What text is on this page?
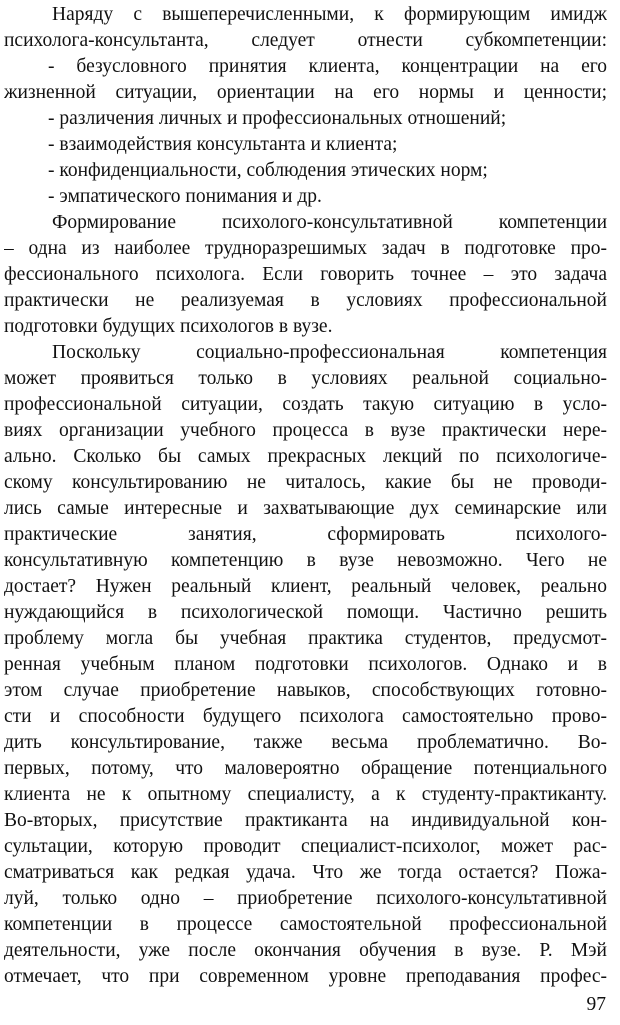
Наряду с вышеперечисленными, к формирующим имидж
психолога-консультанта, следует отнести субкомпетенции:
- безусловного принятия клиента, концентрации на его
жизненной ситуации, ориентации на его нормы и ценности;
- различения личных и профессиональных отношений;
- взаимодействия консультанта и клиента;
- конфиденциальности, соблюдения этических норм;
- эмпатического понимания и др.
Формирование психолого-консультативной компетенции
– одна из наиболее трудноразрешимых задач в подготовке про-
фессионального психолога. Если говорить точнее – это задача
практически не реализуемая в условиях профессиональной
подготовки будущих психологов в вузе.
Поскольку социально-профессиональная компетенция
может проявиться только в условиях реальной социально-
профессиональной ситуации, создать такую ситуацию в усло-
виях организации учебного процесса в вузе практически нере-
ально. Сколько бы самых прекрасных лекций по психологиче-
скому консультированию не читалось, какие бы не проводи-
лись самые интересные и захватывающие дух семинарские или
практические занятия, сформировать психолого-
консультативную компетенцию в вузе невозможно. Чего не
достает? Нужен реальный клиент, реальный человек, реально
нуждающийся в психологической помощи. Частично решить
проблему могла бы учебная практика студентов, предусмот-
ренная учебным планом подготовки психологов. Однако и в
этом случае приобретение навыков, способствующих готовно-
сти и способности будущего психолога самостоятельно прово-
дить консультирование, также весьма проблематично. Во-
первых, потому, что маловероятно обращение потенциального
клиента не к опытному специалисту, а к студенту-практиканту.
Во-вторых, присутствие практиканта на индивидуальной кон-
сультации, которую проводит специалист-психолог, может рас-
сматриваться как редкая удача. Что же тогда остается? Пожа-
луй, только одно – приобретение психолого-консультативной
компетенции в процессе самостоятельной профессиональной
деятельности, уже после окончания обучения в вузе. Р. Мэй
отмечает, что при современном уровне преподавания профес-
97
